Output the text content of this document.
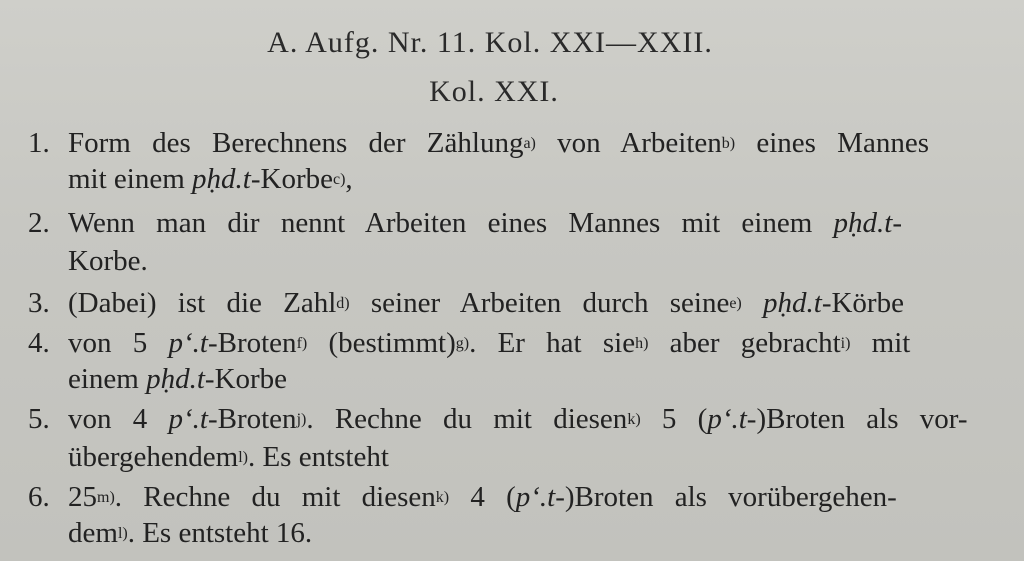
A. Aufg. Nr. 11. Kol. XXI—XXII.
Kol. XXI.
1. Form des Berechnens der Zählung$^{a)}$ von Arbeiten$^{b)}$ eines Mannes
mit einem pḥd.t-Korbe$^{c)}$,
2. Wenn man dir nennt Arbeiten eines Mannes mit einem pḥd.t-
Korbe.
3. (Dabei) ist die Zahl$^{d)}$ seiner Arbeiten durch seine$^{e)}$ pḥd.t-Körbe
4. von 5 p‘.t-Broten$^{f)}$ (bestimmt)$^{g)}$. Er hat sie$^{h)}$ aber gebracht$^{i)}$ mit
einem pḥd.t-Korbe
5. von 4 p‘.t-Broten$^{j)}$. Rechne du mit diesen$^{k)}$ 5 (p‘.t-)Broten als vor-
übergehendem$^{l)}$. Es entsteht
6. 25$^{m)}$. Rechne du mit diesen$^{k)}$ 4 (p‘.t-)Broten als vorübergehen-
dem$^{l)}$. Es entsteht 16.
